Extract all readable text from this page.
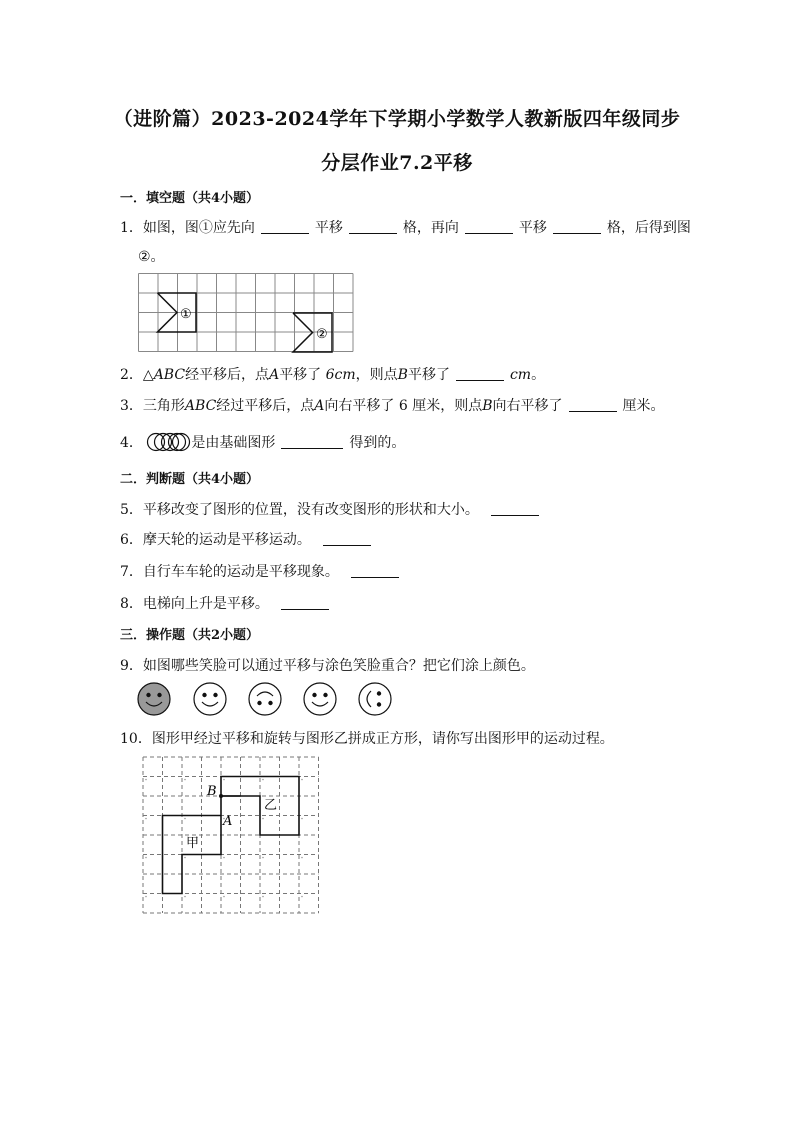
（进阶篇）2023-2024学年下学期小学数学人教新版四年级同步
分层作业7.2平移
一．填空题（共4小题）
1．如图，图①应先向	平移	格，再向	平移	格，后得到图
②。
①
②
2．△ABC经平移后，点A平移了 6cm，则点B平移了	cm。
3．三角形ABC经过平移后，点A向右平移了 6 厘米，则点B向右平移了	厘米。
4．	是由基础图形	得到的。
二．判断题（共4小题）
5．平移改变了图形的位置，没有改变图形的形状和大小。
6．摩天轮的运动是平移运动。
7．自行车车轮的运动是平移现象。
8．电梯向上升是平移。
三．操作题（共2小题）
9．如图哪些笑脸可以通过平移与涂色笑脸重合？把它们涂上颜色。
10．图形甲经过平移和旋转与图形乙拼成正方形，请你写出图形甲的运动过程。
B
A
甲
乙
